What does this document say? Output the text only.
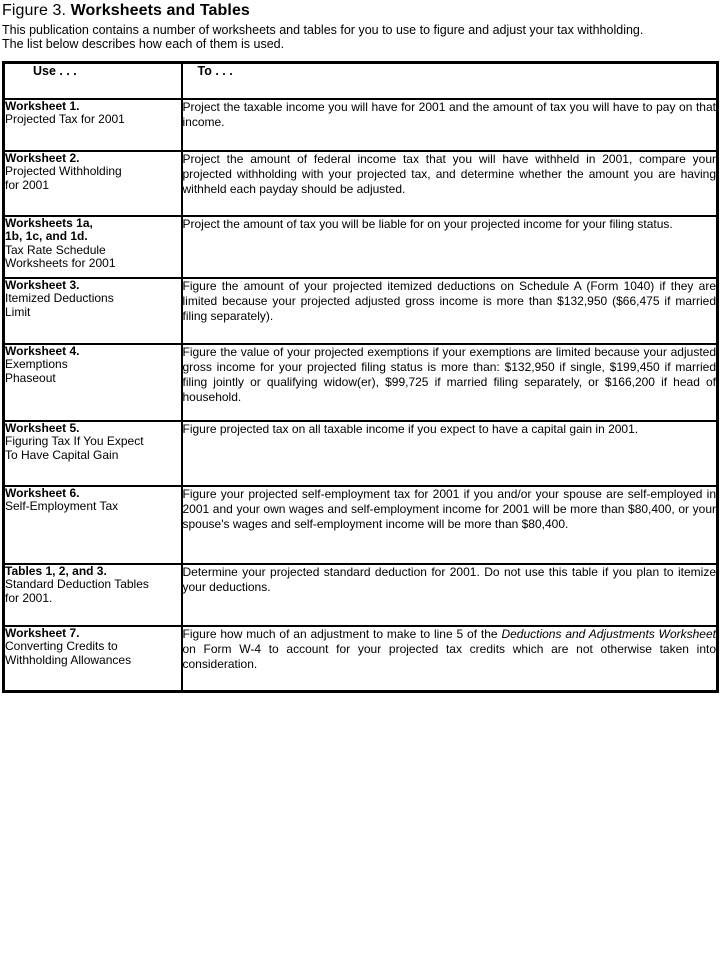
Figure 3. Worksheets and Tables
This publication contains a number of worksheets and tables for you to use to figure and adjust your tax withholding.
The list below describes how each of them is used.
Use . . .	To . . .

Worksheet 1.
Projected Tax for 2001	Project the taxable income you will have for 2001 and the amount of tax you will have to pay on that income.

Worksheet 2.
Projected Withholding
for 2001
	Project the amount of federal income tax that you will have withheld in 2001, compare your projected withholding with your projected tax, and determine whether the amount you are having withheld each payday should be adjusted.

Worksheets 1a,
1b, 1c, and 1d.
Tax Rate Schedule
Worksheets for 2001	Project the amount of tax you will be liable for on your projected income for your filing status.

Worksheet 3.
Itemized Deductions
Limit
	Figure the amount of your projected itemized deductions on Schedule A (Form 1040) if they are limited because your projected adjusted gross income is more than $132,950 ($66,475 if married filing separately).

Worksheet 4.
Exemptions
Phaseout
	Figure the value of your projected exemptions if your exemptions are limited because your adjusted gross income for your projected filing status is more than: $132,950 if single, $199,450 if married filing jointly or qualifying widow(er), $99,725 if married filing separately, or $166,200 if head of household.

Worksheet 5.
Figuring Tax If You Expect
To Have Capital Gain	Figure projected tax on all taxable income if you expect to have a capital gain in 2001.

Worksheet 6.
Self-Employment Tax	Figure your projected self-employment tax for 2001 if you and/or your spouse are self-employed in 2001 and your own wages and self-employment income for 2001 will be more than $80,400, or your spouse's wages and self-employment income will be more than $80,400.

Tables 1, 2, and 3.
Standard Deduction Tables
for 2001.	Determine your projected standard deduction for 2001. Do not use this table if you plan to itemize your deductions.

Worksheet 7.
Converting Credits to
Withholding Allowances	Figure how much of an adjustment to make to line 5 of the Deductions and Adjustments Worksheet on Form W-4 to account for your projected tax credits which are not otherwise taken into consideration.
